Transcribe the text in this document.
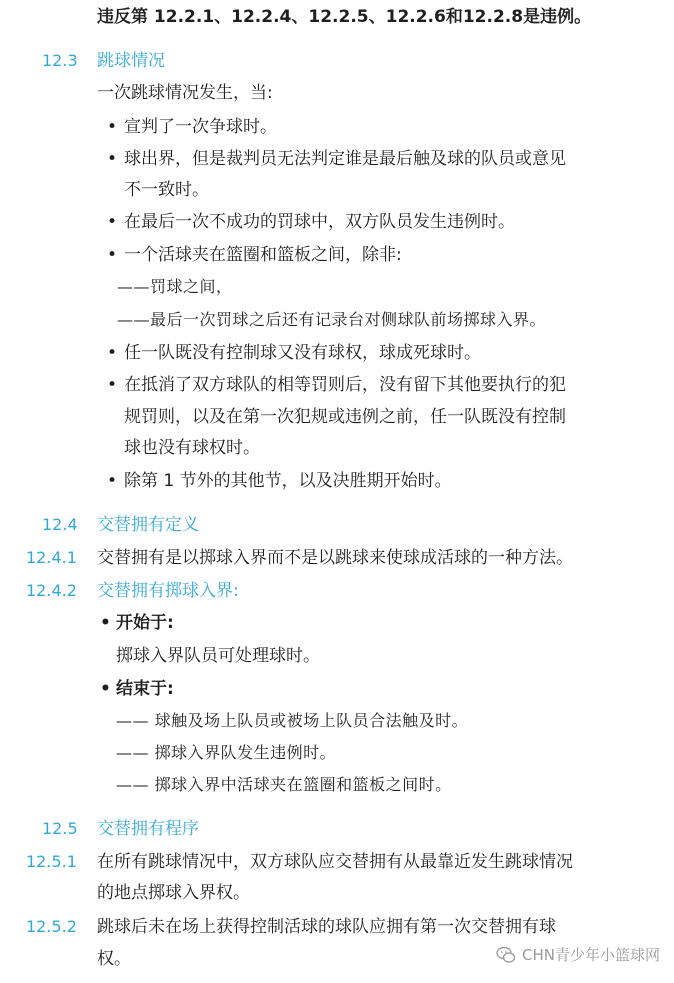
违反第 12.2.1、12.2.4、12.2.5、12.2.6和12.2.8是违例。
12.3 跳球情况
一次跳球情况发生，当:
• 宣判了一次争球时。
• 球出界，但是裁判员无法判定谁是最后触及球的队员或意见
不一致时。
• 在最后一次不成功的罚球中，双方队员发生违例时。
• 一个活球夹在篮圈和篮板之间，除非:
——罚球之间，
——最后一次罚球之后还有记录台对侧球队前场掷球入界。
• 任一队既没有控制球又没有球权，球成死球时。
• 在抵消了双方球队的相等罚则后，没有留下其他要执行的犯
规罚则，以及在第一次犯规或违例之前，任一队既没有控制
球也没有球权时。
• 除第 1 节外的其他节，以及决胜期开始时。
12.4 交替拥有定义
12.4.1 交替拥有是以掷球入界而不是以跳球来使球成活球的一种方法。
12.4.2 交替拥有掷球入界:
• 开始于:
掷球入界队员可处理球时。
• 结束于:
—— 球触及场上队员或被场上队员合法触及时。
—— 掷球入界队发生违例时。
—— 掷球入界中活球夹在篮圈和篮板之间时。
12.5 交替拥有程序
12.5.1 在所有跳球情况中，双方球队应交替拥有从最靠近发生跳球情况
的地点掷球入界权。
12.5.2 跳球后未在场上获得控制活球的球队应拥有第一次交替拥有球
权。	CHN青少年小篮球网
